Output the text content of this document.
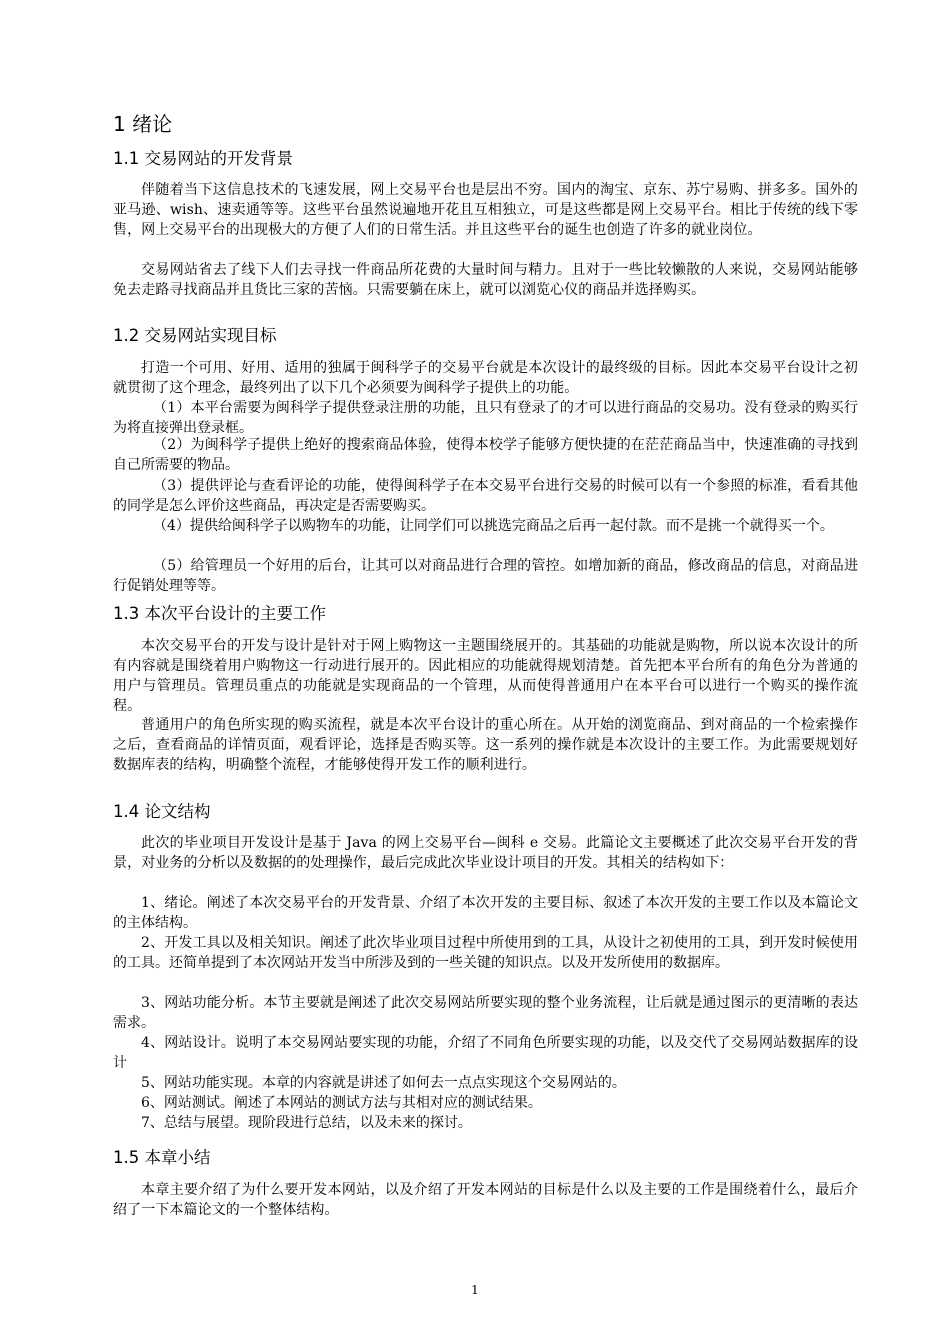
1 绪论
1.1 交易网站的开发背景

伴随着当下这信息技术的飞速发展，网上交易平台也是层出不穷。国内的淘宝、京东、苏宁易购、拼多多。国外的亚马逊、wish、速卖通等等。这些平台虽然说遍地开花且互相独立，可是这些都是网上交易平台。相比于传统的线下零售，网上交易平台的出现极大的方便了人们的日常生活。并且这些平台的诞生也创造了许多的就业岗位。

交易网站省去了线下人们去寻找一件商品所花费的大量时间与精力。且对于一些比较懒散的人来说，交易网站能够免去走路寻找商品并且货比三家的苦恼。只需要躺在床上，就可以浏览心仪的商品并选择购买。

1.2 交易网站实现目标

打造一个可用、好用、适用的独属于闽科学子的交易平台就是本次设计的最终级的目标。因此本交易平台设计之初就贯彻了这个理念，最终列出了以下几个必须要为闽科学子提供上的功能。

（1）本平台需要为闽科学子提供登录注册的功能，且只有登录了的才可以进行商品的交易功。没有登录的购买行为将直接弹出登录框。

（2）为闽科学子提供上绝好的搜索商品体验，使得本校学子能够方便快捷的在茫茫商品当中，快速准确的寻找到自己所需要的物品。

（3）提供评论与查看评论的功能，使得闽科学子在本交易平台进行交易的时候可以有一个参照的标准，看看其他的同学是怎么评价这些商品，再决定是否需要购买。

（4）提供给闽科学子以购物车的功能，让同学们可以挑选完商品之后再一起付款。而不是挑一个就得买一个。

（5）给管理员一个好用的后台，让其可以对商品进行合理的管控。如增加新的商品，修改商品的信息，对商品进行促销处理等等。

1.3 本次平台设计的主要工作

本次交易平台的开发与设计是针对于网上购物这一主题围绕展开的。其基础的功能就是购物，所以说本次设计的所有内容就是围绕着用户购物这一行动进行展开的。因此相应的功能就得规划清楚。首先把本平台所有的角色分为普通的用户与管理员。管理员重点的功能就是实现商品的一个管理，从而使得普通用户在本平台可以进行一个购买的操作流程。

普通用户的角色所实现的购买流程，就是本次平台设计的重心所在。从开始的浏览商品、到对商品的一个检索操作之后，查看商品的详情页面，观看评论，选择是否购买等。这一系列的操作就是本次设计的主要工作。为此需要规划好数据库表的结构，明确整个流程，才能够使得开发工作的顺利进行。

1.4 论文结构

此次的毕业项目开发设计是基于 Java 的网上交易平台—闽科 e 交易。此篇论文主要概述了此次交易平台开发的背景，对业务的分析以及数据的的处理操作，最后完成此次毕业设计项目的开发。其相关的结构如下：

1、绪论。阐述了本次交易平台的开发背景、介绍了本次开发的主要目标、叙述了本次开发的主要工作以及本篇论文的主体结构。

2、开发工具以及相关知识。阐述了此次毕业项目过程中所使用到的工具，从设计之初使用的工具，到开发时候使用的工具。还简单提到了本次网站开发当中所涉及到的一些关键的知识点。以及开发所使用的数据库。

3、网站功能分析。本节主要就是阐述了此次交易网站所要实现的整个业务流程，让后就是通过图示的更清晰的表达需求。

4、网站设计。说明了本交易网站要实现的功能，介绍了不同角色所要实现的功能，以及交代了交易网站数据库的设计

5、网站功能实现。本章的内容就是讲述了如何去一点点实现这个交易网站的。

6、网站测试。阐述了本网站的测试方法与其相对应的测试结果。

7、总结与展望。现阶段进行总结，以及未来的探讨。

1.5 本章小结

本章主要介绍了为什么要开发本网站，以及介绍了开发本网站的目标是什么以及主要的工作是围绕着什么，最后介绍了一下本篇论文的一个整体结构。

1
